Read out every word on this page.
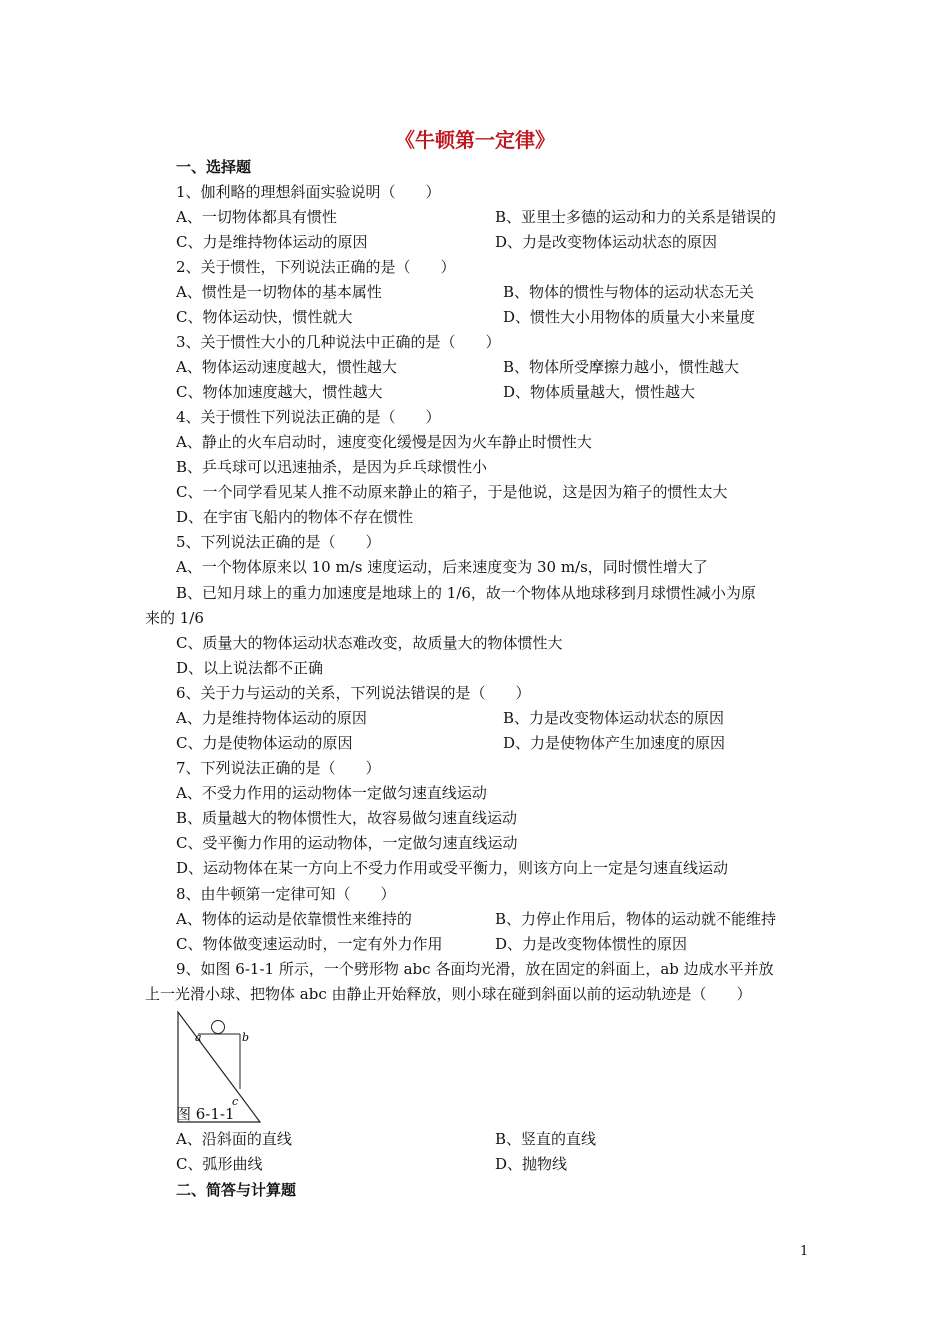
《牛顿第一定律》
一、选择题
1、伽利略的理想斜面实验说明（　　）
A、一切物体都具有惯性	B、亚里士多德的运动和力的关系是错误的
C、力是维持物体运动的原因	D、力是改变物体运动状态的原因
2、关于惯性，下列说法正确的是（　　）
A、惯性是一切物体的基本属性	B、物体的惯性与物体的运动状态无关
C、物体运动快，惯性就大	D、惯性大小用物体的质量大小来量度
3、关于惯性大小的几种说法中正确的是（　　）
A、物体运动速度越大，惯性越大	B、物体所受摩擦力越小，惯性越大
C、物体加速度越大，惯性越大	D、物体质量越大，惯性越大
4、关于惯性下列说法正确的是（　　）
A、静止的火车启动时，速度变化缓慢是因为火车静止时惯性大
B、乒乓球可以迅速抽杀，是因为乒乓球惯性小
C、一个同学看见某人推不动原来静止的箱子，于是他说，这是因为箱子的惯性太大
D、在宇宙飞船内的物体不存在惯性
5、下列说法正确的是（　　）
A、一个物体原来以 10 m/s 速度运动，后来速度变为 30 m/s，同时惯性增大了
B、已知月球上的重力加速度是地球上的 1/6，故一个物体从地球移到月球惯性减小为原
来的 1/6
C、质量大的物体运动状态难改变，故质量大的物体惯性大
D、以上说法都不正确
6、关于力与运动的关系，下列说法错误的是（　　）
A、力是维持物体运动的原因	B、力是改变物体运动状态的原因
C、力是使物体运动的原因	D、力是使物体产生加速度的原因
7、下列说法正确的是（　　）
A、不受力作用的运动物体一定做匀速直线运动
B、质量越大的物体惯性大，故容易做匀速直线运动
C、受平衡力作用的运动物体，一定做匀速直线运动
D、运动物体在某一方向上不受力作用或受平衡力，则该方向上一定是匀速直线运动
8、由牛顿第一定律可知（　　）
A、物体的运动是依靠惯性来维持的	B、力停止作用后，物体的运动就不能维持
C、物体做变速运动时，一定有外力作用	D、力是改变物体惯性的原因
9、如图 6-1-1 所示，一个劈形物 abc 各面均光滑，放在固定的斜面上，ab 边成水平并放
上一光滑小球、把物体 abc 由静止开始释放，则小球在碰到斜面以前的运动轨迹是（　　）
a	b
c
图 6-1-1
A、沿斜面的直线	B、竖直的直线
C、弧形曲线	D、抛物线
二、简答与计算题
1
